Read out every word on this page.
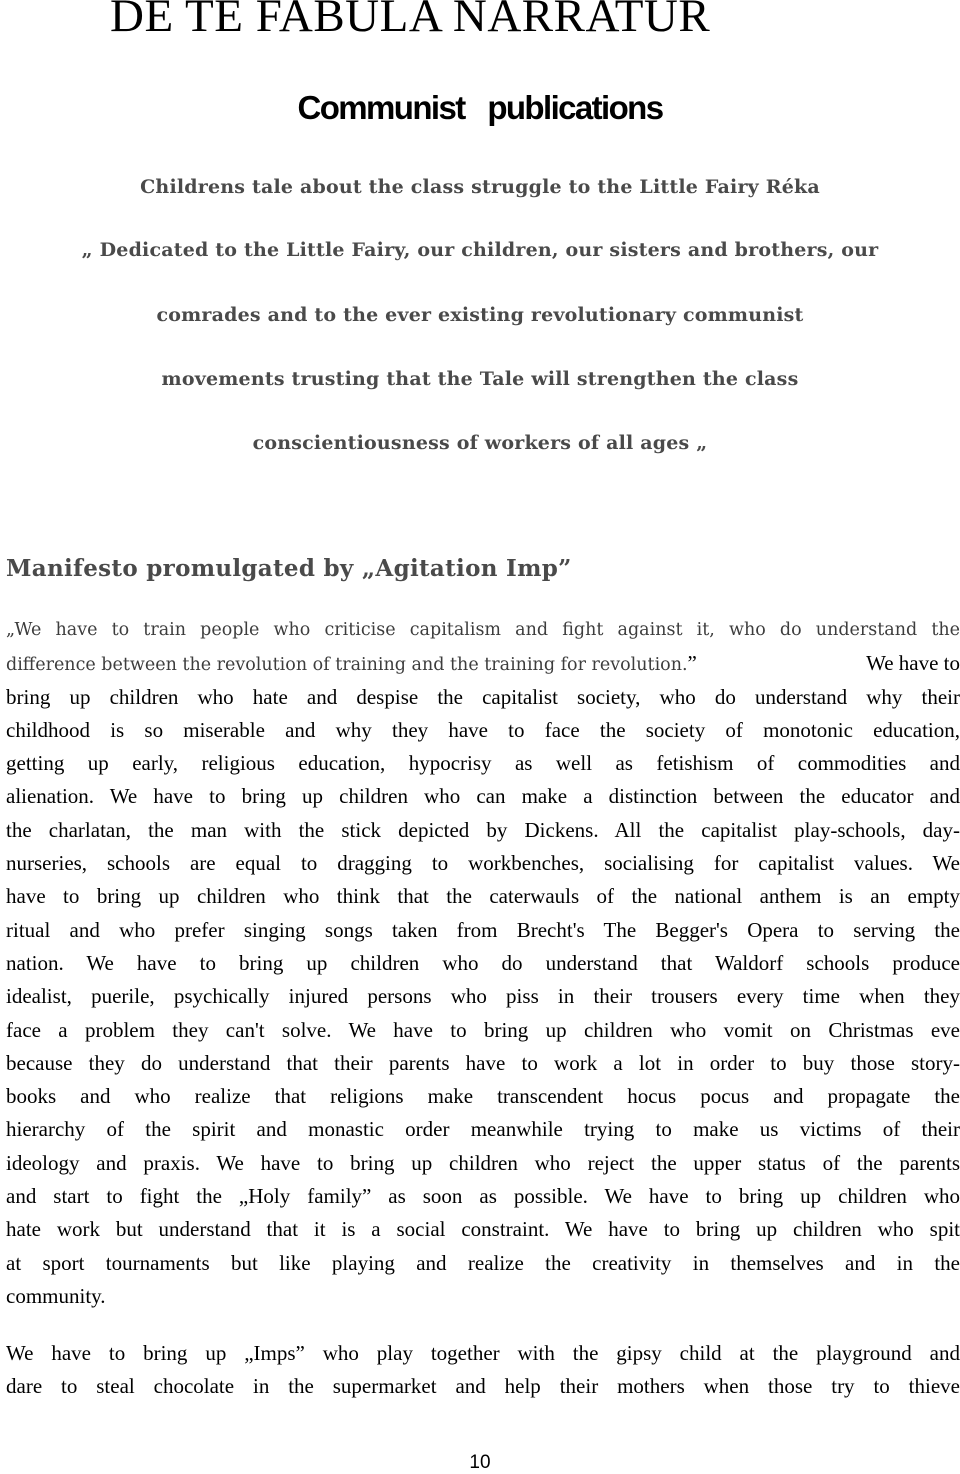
DE TE FABULA NARRATUR
Communist   publications

Childrens tale about the class struggle to the Little Fairy Réka

„ Dedicated to the Little Fairy, our children, our sisters and brothers, our

comrades and to the ever existing revolutionary communist

movements trusting that the Tale will strengthen the class

conscientiousness of workers of all ages „

Manifesto promulgated by „Agitation Imp”
„We have to train people who criticise capitalism and fight against it, who do understand the
difference between the revolution of training and the training for revolution.”	We have to
bring up children who hate and despise the capitalist society, who do understand why their
childhood is so miserable and why they have to face the society of monotonic education,
getting up early, religious education, hypocrisy as well as fetishism of commodities and
alienation. We have to bring up children who can make a distinction between the educator and
the charlatan, the man with the stick depicted by Dickens. All the capitalist play-schools, day-
nurseries, schools are equal to dragging to workbenches, socialising for capitalist values. We
have to bring up children who think that the caterwauls of the national anthem is an empty
ritual and who prefer singing songs taken from Brecht's The Begger's Opera to serving the
nation. We have to bring up children who do understand that Waldorf schools produce
idealist, puerile, psychically injured persons who piss in their trousers every time when they
face a problem they can't solve. We have to bring up children who vomit on Christmas eve
because they do understand that their parents have to work a lot in order to buy those story-
books and who realize that religions make transcendent hocus pocus and propagate the
hierarchy of the spirit and monastic order meanwhile trying to make us victims of their
ideology and praxis. We have to bring up children who reject the upper status of the parents
and start to fight the „Holy family” as soon as possible. We have to bring up children who
hate work but understand that it is a social constraint. We have to bring up children who spit
at sport tournaments but like playing and realize the creativity in themselves and in the
community.
We have to bring up „Imps” who play together with the gipsy child at the playground and
dare to steal chocolate in the supermarket and help their mothers when those try to thieve
10
